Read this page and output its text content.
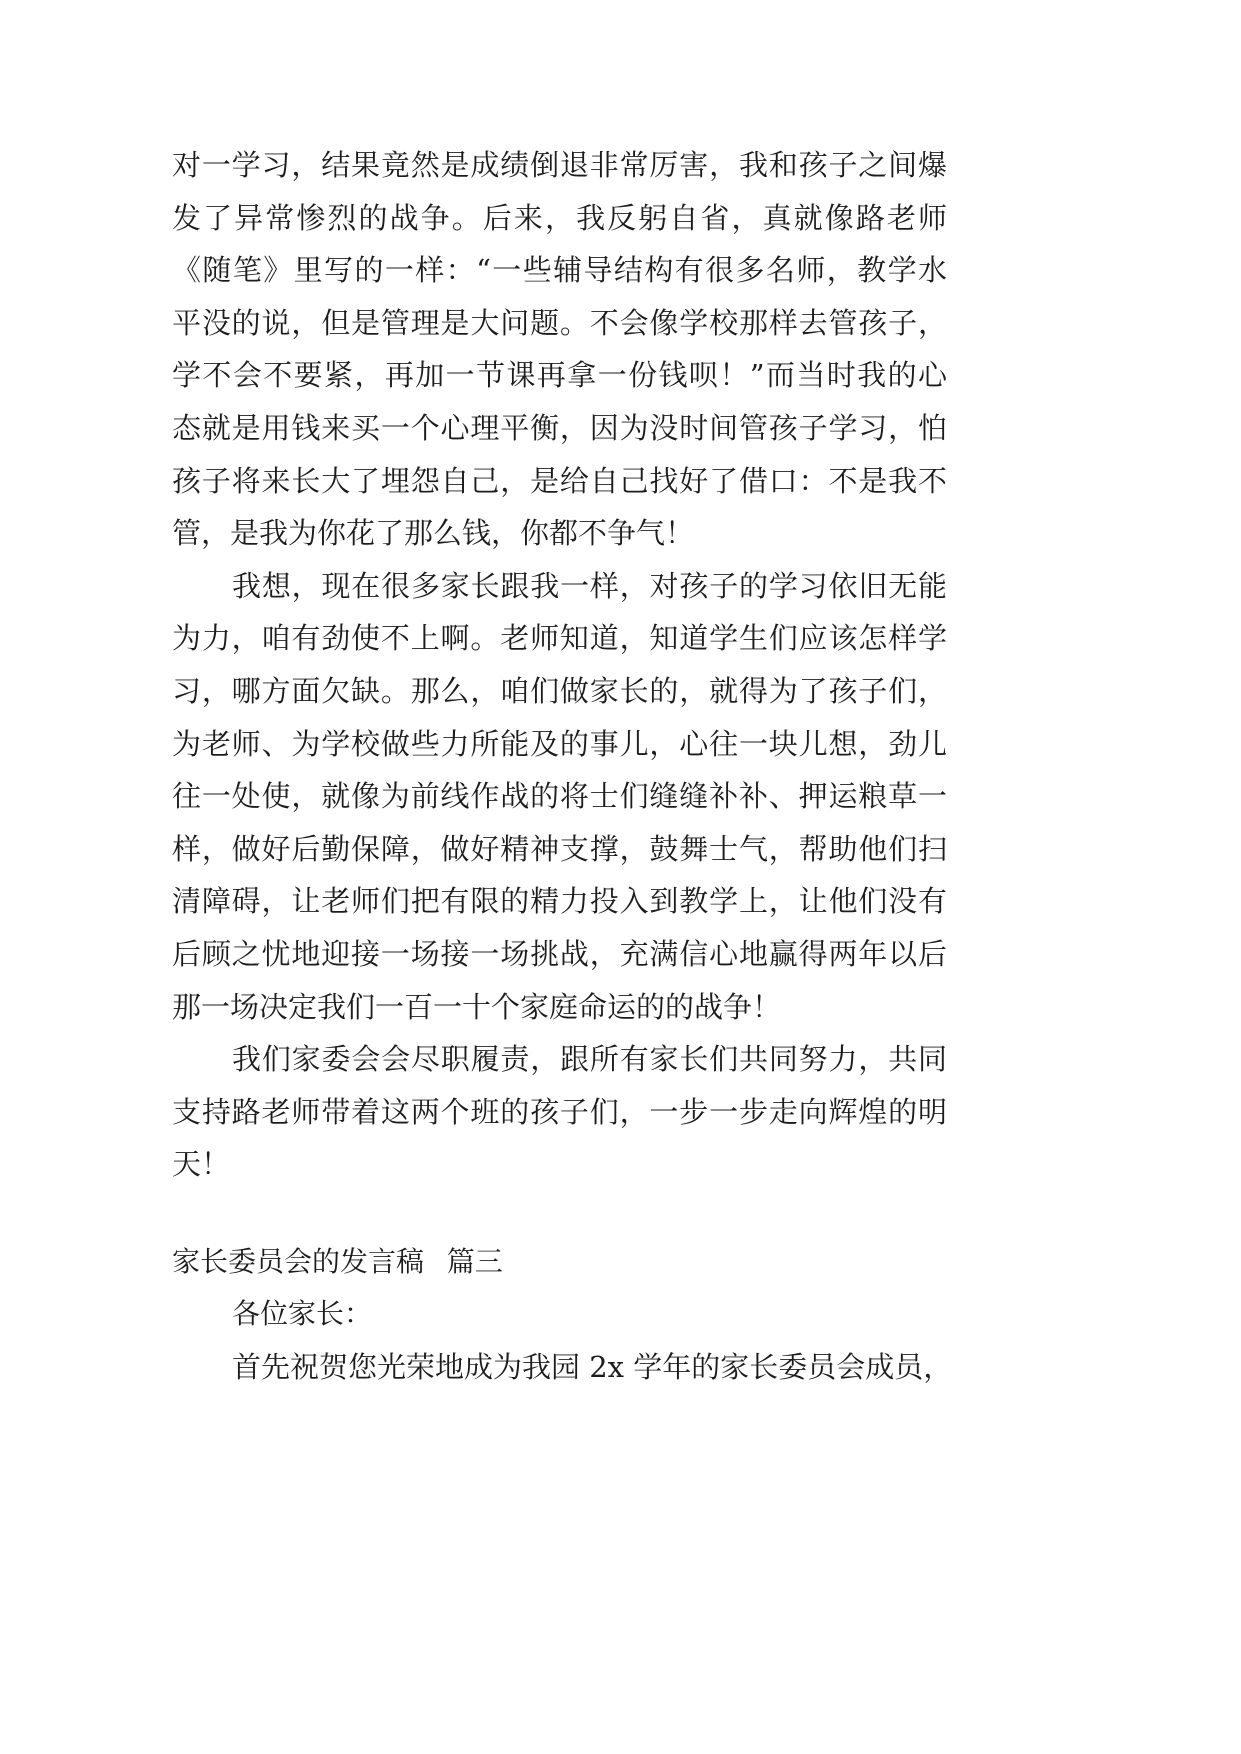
对一学习，结果竟然是成绩倒退非常厉害，我和孩子之间爆
发了异常惨烈的战争。后来，我反躬自省，真就像路老师
《随笔》里写的一样：“一些辅导结构有很多名师，教学水
平没的说，但是管理是大问题。不会像学校那样去管孩子，
学不会不要紧，再加一节课再拿一份钱呗！”而当时我的心
态就是用钱来买一个心理平衡，因为没时间管孩子学习，怕
孩子将来长大了埋怨自己，是给自己找好了借口：不是我不
管，是我为你花了那么钱，你都不争气！
我想，现在很多家长跟我一样，对孩子的学习依旧无能
为力，咱有劲使不上啊。老师知道，知道学生们应该怎样学
习，哪方面欠缺。那么，咱们做家长的，就得为了孩子们，
为老师、为学校做些力所能及的事儿，心往一块儿想，劲儿
往一处使，就像为前线作战的将士们缝缝补补、押运粮草一
样，做好后勤保障，做好精神支撑，鼓舞士气，帮助他们扫
清障碍，让老师们把有限的精力投入到教学上，让他们没有
后顾之忧地迎接一场接一场挑战，充满信心地赢得两年以后
那一场决定我们一百一十个家庭命运的的战争！
我们家委会会尽职履责，跟所有家长们共同努力，共同
支持路老师带着这两个班的孩子们，一步一步走向辉煌的明
天！
家长委员会的发言稿 篇三
各位家长：
首先祝贺您光荣地成为我园 2x 学年的家长委员会成员，
